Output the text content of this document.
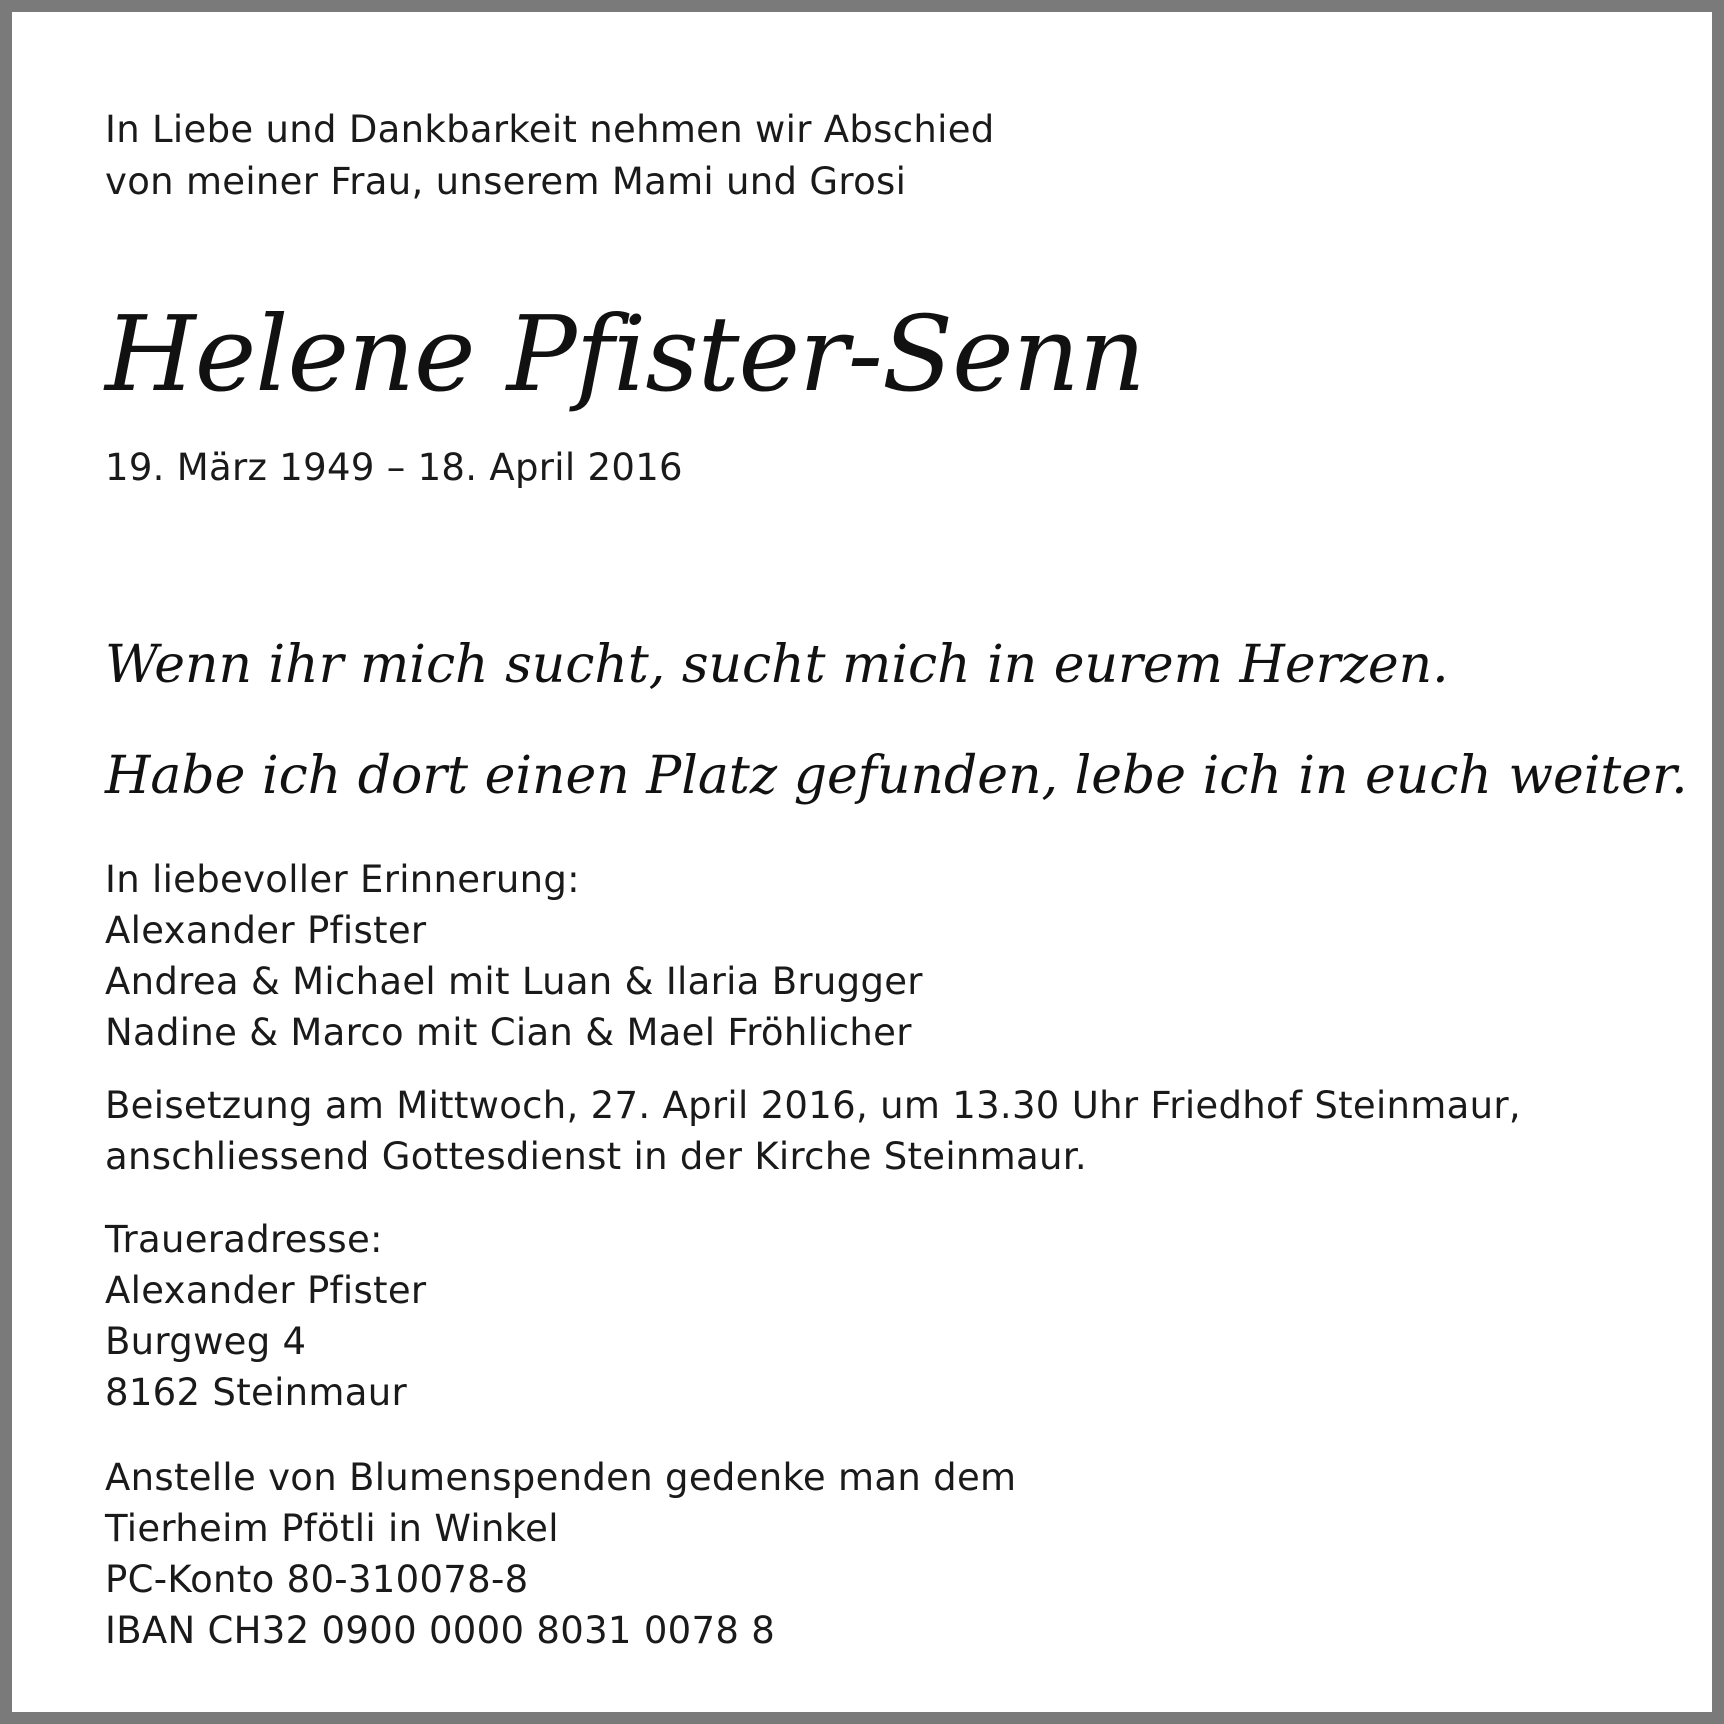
In Liebe und Dankbarkeit nehmen wir Abschied
von meiner Frau, unserem Mami und Grosi
Helene Pfister-Senn
19. März 1949 – 18. April 2016
Wenn ihr mich sucht, sucht mich in eurem Herzen.
Habe ich dort einen Platz gefunden, lebe ich in euch weiter.
In liebevoller Erinnerung:
Alexander Pfister
Andrea & Michael mit Luan & Ilaria Brugger
Nadine & Marco mit Cian & Mael Fröhlicher
Beisetzung am Mittwoch, 27. April 2016, um 13.30 Uhr Friedhof Steinmaur,
anschliessend Gottesdienst in der Kirche Steinmaur.
Traueradresse:
Alexander Pfister
Burgweg 4
8162 Steinmaur
Anstelle von Blumenspenden gedenke man dem
Tierheim Pfötli in Winkel
PC-Konto 80-310078-8
IBAN CH32 0900 0000 8031 0078 8
